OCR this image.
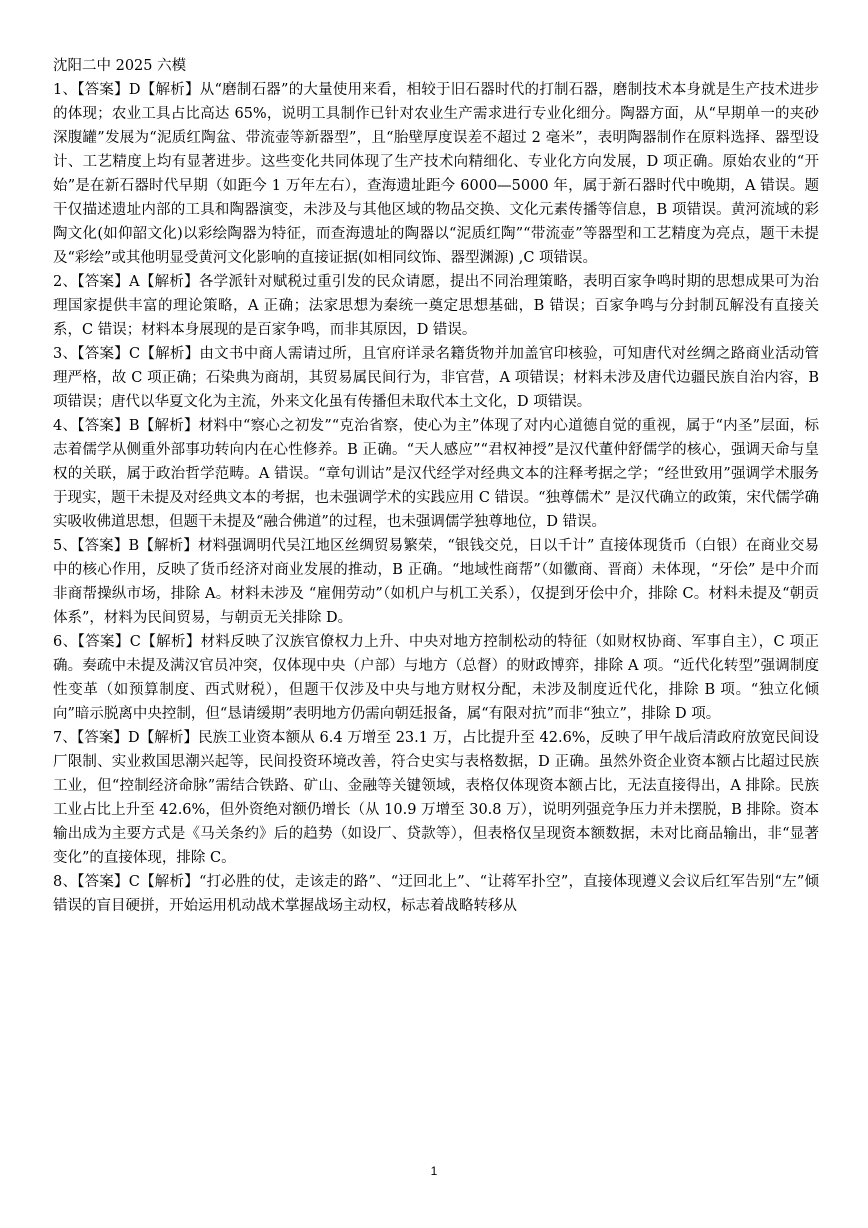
沈阳二中 2025 六模

1、【答案】D【解析】从“磨制石器”的大量使用来看，相较于旧石器时代的打制石器，磨制技术本身就是生产技术进步的体现；农业工具占比高达 65%，说明工具制作已针对农业生产需求进行专业化细分。陶器方面，从“早期单一的夹砂深腹罐”发展为“泥质红陶盆、带流壶等新器型”，且“胎壁厚度误差不超过 2 毫米”，表明陶器制作在原料选择、器型设计、工艺精度上均有显著进步。这些变化共同体现了生产技术向精细化、专业化方向发展，D 项正确。原始农业的“开始”是在新石器时代早期（如距今 1 万年左右），查海遗址距今 6000—5000 年，属于新石器时代中晚期，A 错误。题干仅描述遗址内部的工具和陶器演变，未涉及与其他区域的物品交换、文化元素传播等信息，B 项错误。黄河流域的彩陶文化(如仰韶文化)以彩绘陶器为特征，而查海遗址的陶器以“泥质红陶”“带流壶”等器型和工艺精度为亮点，题干未提及“彩绘”或其他明显受黄河文化影响的直接证据(如相同纹饰、器型渊源) ,C 项错误。

2、【答案】A【解析】各学派针对赋税过重引发的民众请愿，提出不同治理策略，表明百家争鸣时期的思想成果可为治理国家提供丰富的理论策略，A 正确；法家思想为秦统一奠定思想基础，B 错误；百家争鸣与分封制瓦解没有直接关系，C 错误；材料本身展现的是百家争鸣，而非其原因，D 错误。

3、【答案】C【解析】由文书中商人需请过所，且官府详录名籍货物并加盖官印核验，可知唐代对丝绸之路商业活动管理严格，故 C 项正确；石染典为商胡，其贸易属民间行为，非官营，A 项错误；材料未涉及唐代边疆民族自治内容，B 项错误；唐代以华夏文化为主流，外来文化虽有传播但未取代本土文化，D 项错误。

4、【答案】B【解析】材料中“察心之初发”“克治省察，使心为主”体现了对内心道德自觉的重视，属于“内圣”层面，标志着儒学从侧重外部事功转向内在心性修养。B 正确。“天人感应”“君权神授”是汉代董仲舒儒学的核心，强调天命与皇权的关联，属于政治哲学范畴。A 错误。“章句训诂”是汉代经学对经典文本的注释考据之学；“经世致用”强调学术服务于现实，题干未提及对经典文本的考据，也未强调学术的实践应用 C 错误。“独尊儒术” 是汉代确立的政策，宋代儒学确实吸收佛道思想，但题干未提及“融合佛道”的过程，也未强调儒学独尊地位，D 错误。

5、【答案】B【解析】材料强调明代吴江地区丝绸贸易繁荣，“银钱交兑，日以千计” 直接体现货币（白银）在商业交易中的核心作用，反映了货币经济对商业发展的推动，B 正确。“地域性商帮”（如徽商、晋商）未体现，“牙侩” 是中介而非商帮操纵市场，排除 A。材料未涉及 “雇佣劳动”（如机户与机工关系），仅提到牙侩中介，排除 C。材料未提及“朝贡体系”，材料为民间贸易，与朝贡无关排除 D。

6、【答案】C【解析】材料反映了汉族官僚权力上升、中央对地方控制松动的特征（如财权协商、军事自主），C 项正确。奏疏中未提及满汉官员冲突，仅体现中央（户部）与地方（总督）的财政博弈，排除 A 项。“近代化转型”强调制度性变革（如预算制度、西式财税），但题干仅涉及中央与地方财权分配，未涉及制度近代化，排除 B 项。“独立化倾向”暗示脱离中央控制，但“恳请缓期”表明地方仍需向朝廷报备，属“有限对抗”而非“独立”，排除 D 项。

7、【答案】D【解析】民族工业资本额从 6.4 万增至 23.1 万，占比提升至 42.6%，反映了甲午战后清政府放宽民间设厂限制、实业救国思潮兴起等，民间投资环境改善，符合史实与表格数据，D 正确。虽然外资企业资本额占比超过民族工业，但“控制经济命脉”需结合铁路、矿山、金融等关键领域，表格仅体现资本额占比，无法直接得出，A 排除。民族工业占比上升至 42.6%，但外资绝对额仍增长（从 10.9 万增至 30.8 万），说明列强竞争压力并未摆脱，B 排除。资本输出成为主要方式是《马关条约》后的趋势（如设厂、贷款等），但表格仅呈现资本额数据，未对比商品输出，非“显著变化”的直接体现，排除 C。

8、【答案】C【解析】“打必胜的仗，走该走的路”、“迂回北上”、“让蒋军扑空”，直接体现遵义会议后红军告别“左”倾错误的盲目硬拼，开始运用机动战术掌握战场主动权，标志着战略转移从

1
